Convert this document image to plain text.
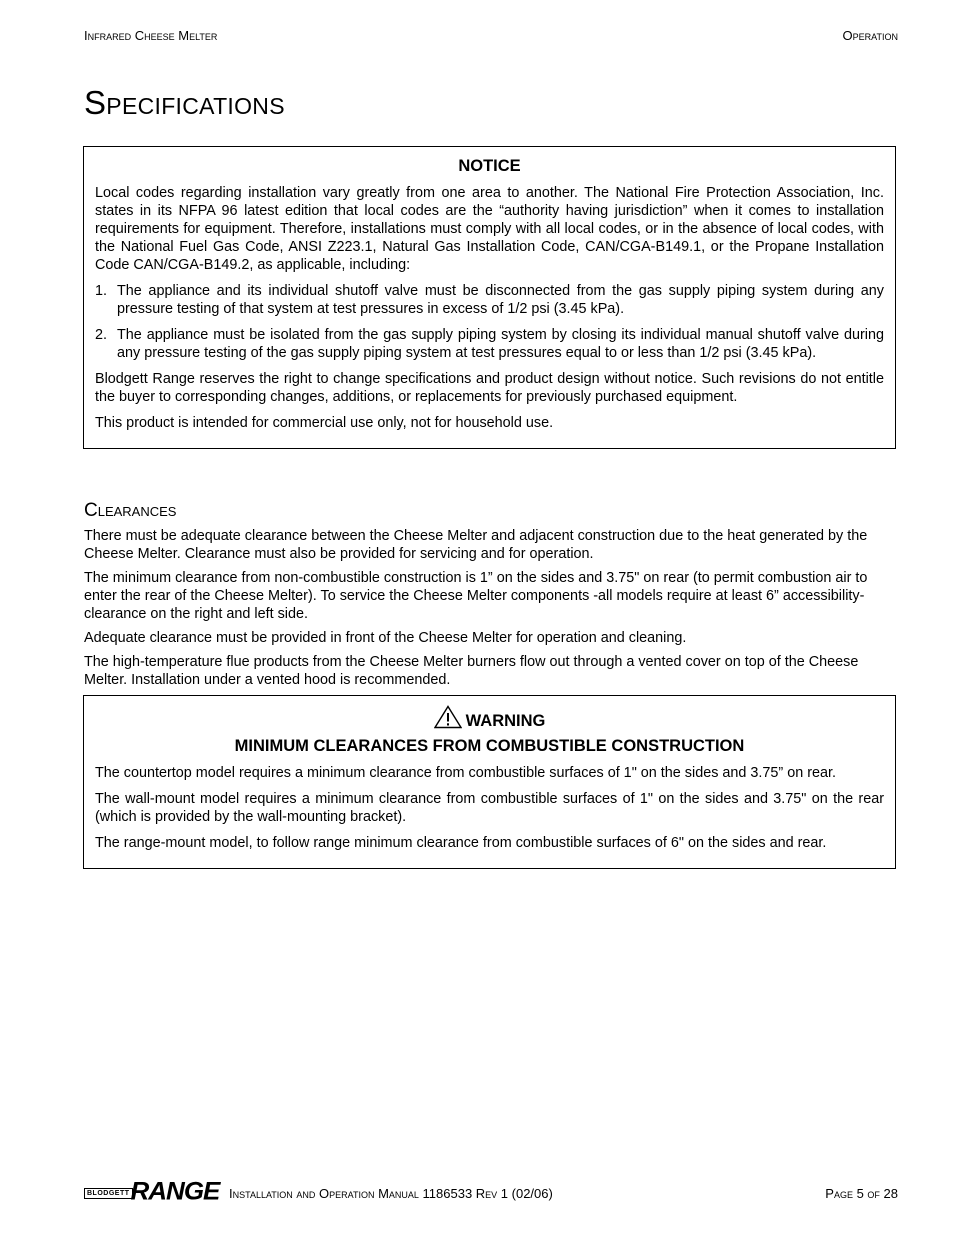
Infrared Cheese Melter	Operation
Specifications
NOTICE

Local codes regarding installation vary greatly from one area to another. The National Fire Protection Association, Inc. states in its NFPA 96 latest edition that local codes are the “authority having jurisdiction” when it comes to installation requirements for equipment. Therefore, installations must comply with all local codes, or in the absence of local codes, with the National Fuel Gas Code, ANSI Z223.1, Natural Gas Installation Code, CAN/CGA-B149.1, or the Propane Installation Code CAN/CGA-B149.2, as applicable, including:

1. The appliance and its individual shutoff valve must be disconnected from the gas supply piping system during any pressure testing of that system at test pressures in excess of 1/2 psi (3.45 kPa).
2. The appliance must be isolated from the gas supply piping system by closing its individual manual shutoff valve during any pressure testing of the gas supply piping system at test pressures equal to or less than 1/2 psi (3.45 kPa).

Blodgett Range reserves the right to change specifications and product design without notice. Such revisions do not entitle the buyer to corresponding changes, additions, or replacements for previously purchased equipment.

This product is intended for commercial use only, not for household use.

Clearances

There must be adequate clearance between the Cheese Melter and adjacent construction due to the heat generated by the Cheese Melter. Clearance must also be provided for servicing and for operation.

The minimum clearance from non-combustible construction is 1” on the sides and 3.75" on rear (to permit combustion air to enter the rear of the Cheese Melter). To service the Cheese Melter components -all models require at least 6” accessibility-clearance on the right and left side.

Adequate clearance must be provided in front of the Cheese Melter for operation and cleaning.

The high-temperature flue products from the Cheese Melter burners flow out through a vented cover on top of the Cheese Melter. Installation under a vented hood is recommended.

WARNING
MINIMUM CLEARANCES FROM COMBUSTIBLE CONSTRUCTION

The countertop model requires a minimum clearance from combustible surfaces of 1" on the sides and 3.75” on rear.

The wall-mount model requires a minimum clearance from combustible surfaces of 1" on the sides and 3.75" on the rear (which is provided by the wall-mounting bracket).

The range-mount model, to follow range minimum clearance from combustible surfaces of 6" on the sides and rear.

BLODGETT RANGE Installation and Operation Manual 1186533 Rev 1 (02/06)	Page 5 of 28
